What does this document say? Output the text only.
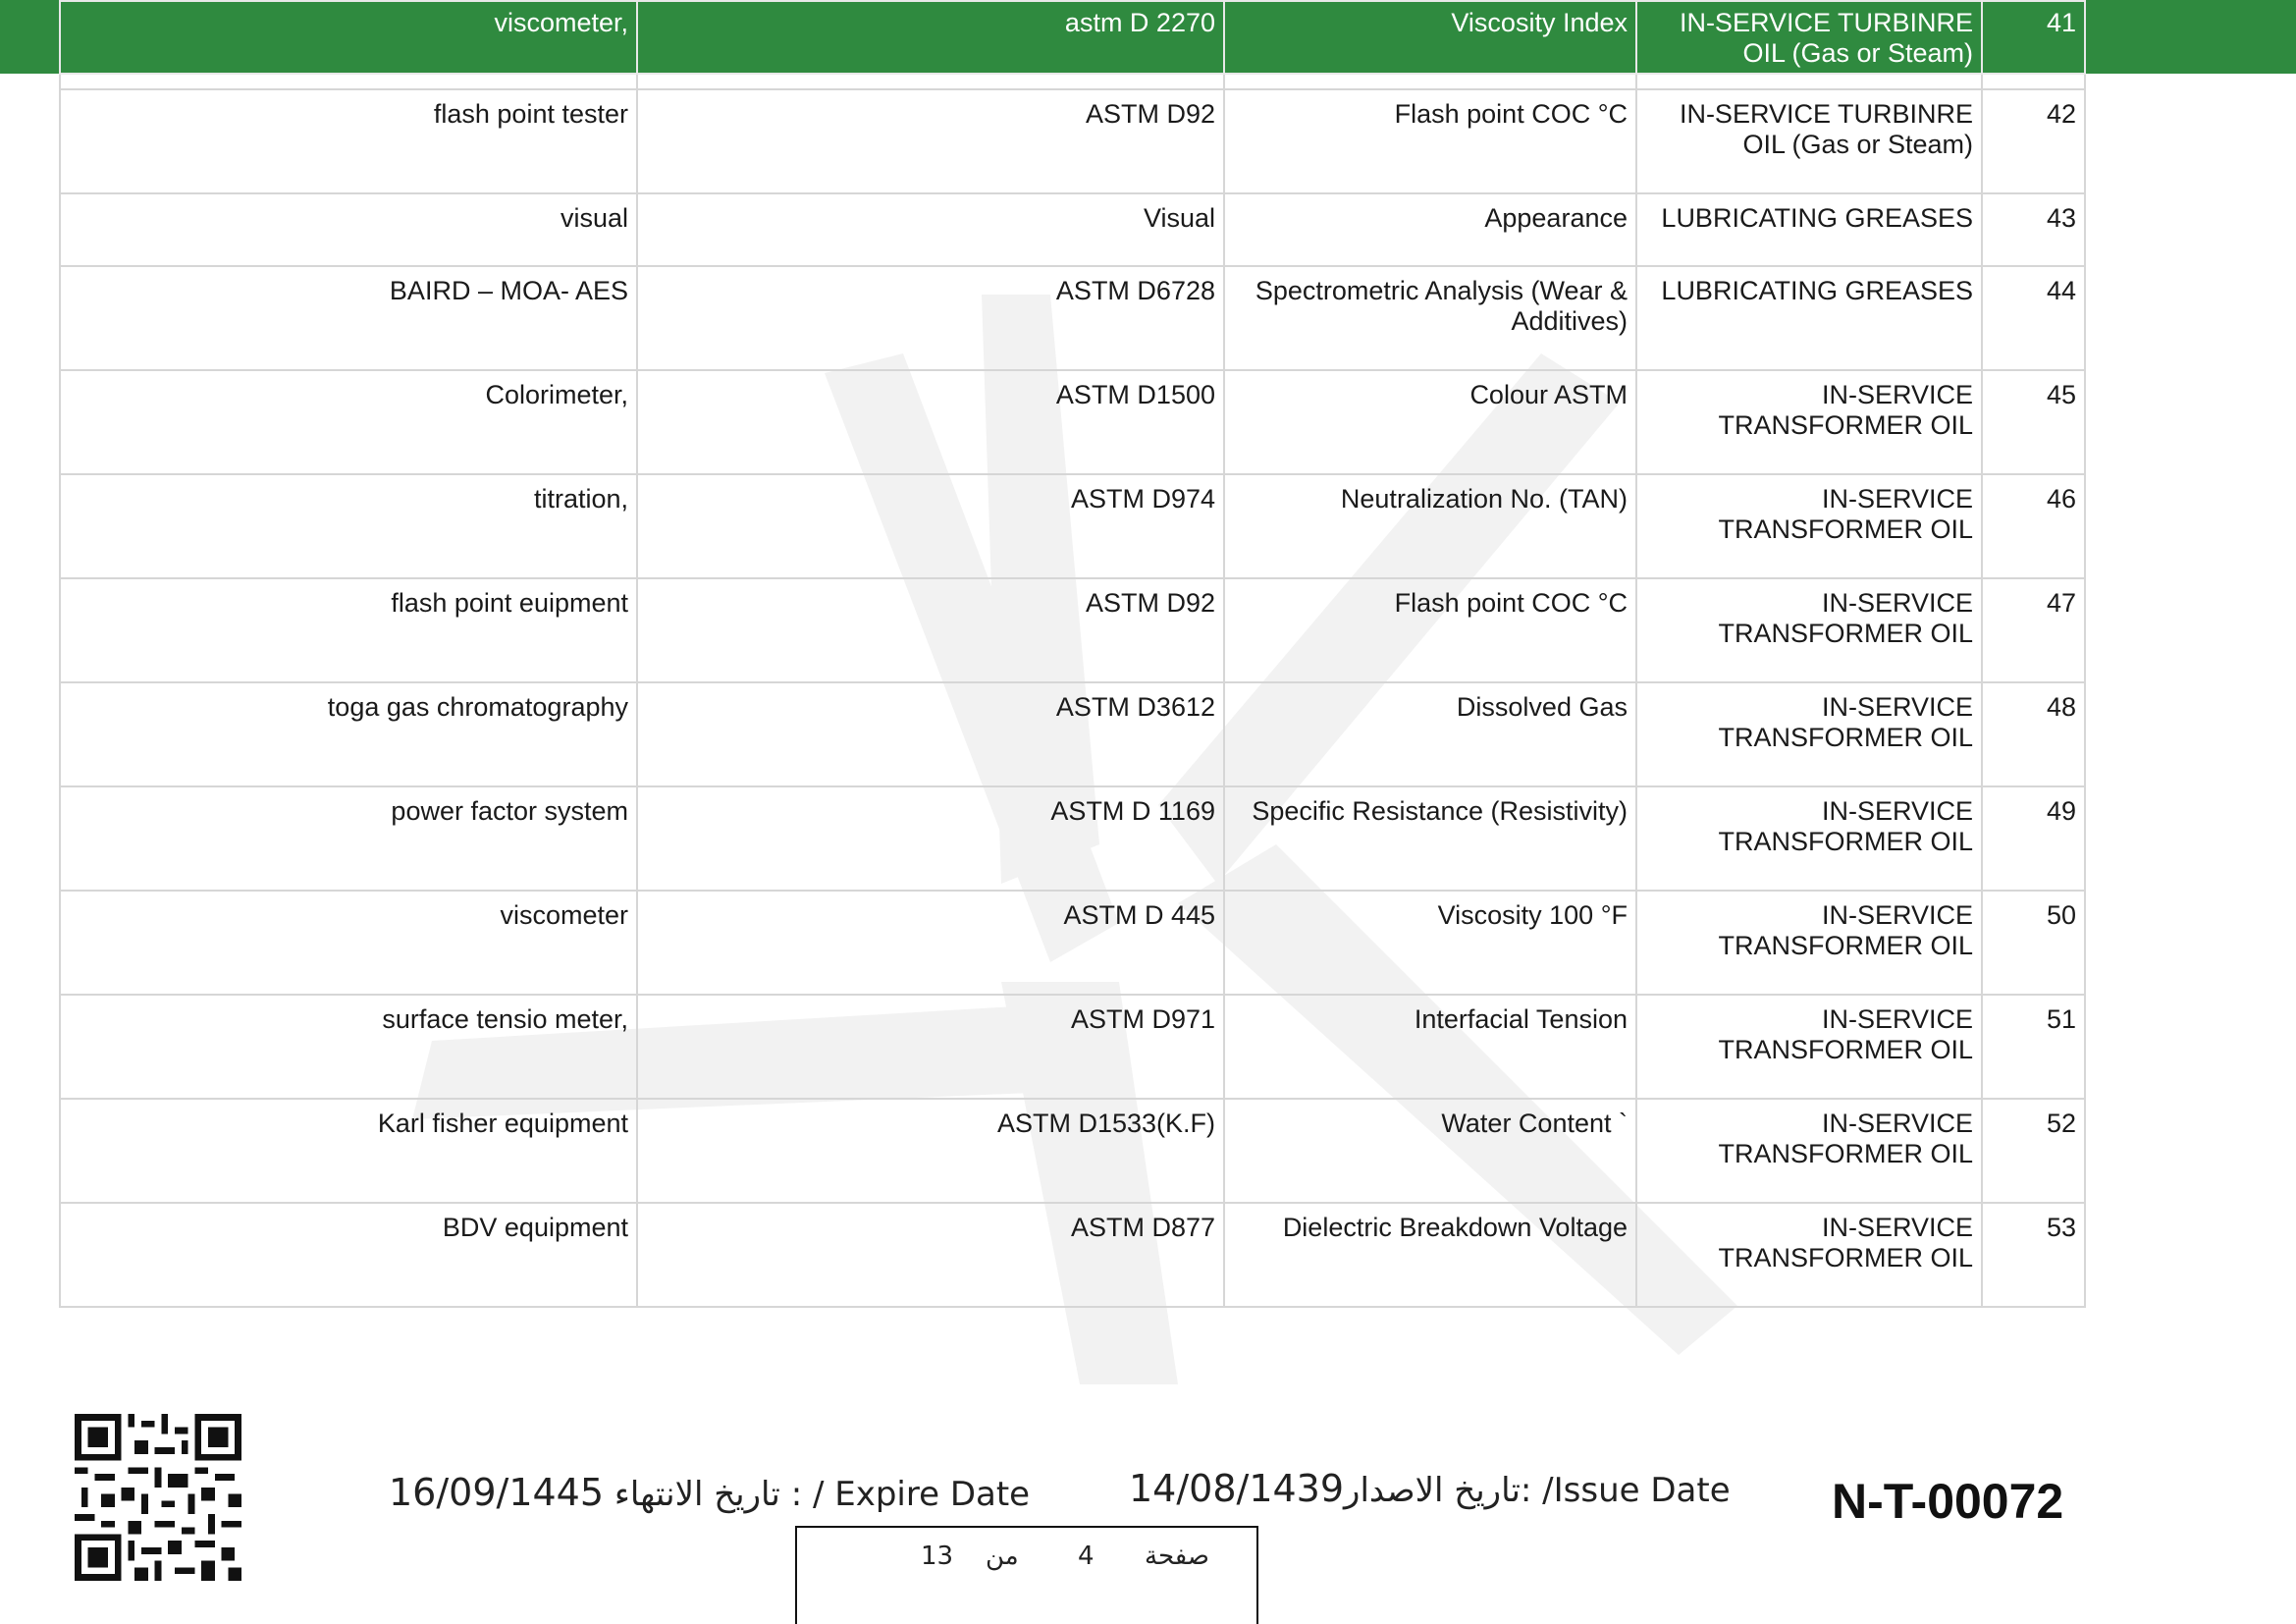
viscometer,	astm D 2270	Viscosity Index	IN-SERVICE TURBINRE OIL (Gas or Steam)	41

flash point tester	ASTM D92	Flash point COC °C	IN-SERVICE TURBINRE OIL (Gas or Steam)	42
visual	Visual	Appearance	LUBRICATING GREASES	43
BAIRD – MOA- AES	ASTM D6728	Spectrometric Analysis (Wear & Additives)	LUBRICATING GREASES	44
Colorimeter,	ASTM D1500	Colour ASTM	IN-SERVICE TRANSFORMER OIL	45
titration,	ASTM D974	Neutralization No. (TAN)	IN-SERVICE TRANSFORMER OIL	46
flash point euipment	ASTM D92	Flash point COC °C	IN-SERVICE TRANSFORMER OIL	47
toga gas chromatography	ASTM D3612	Dissolved Gas	IN-SERVICE TRANSFORMER OIL	48
power factor system	ASTM D 1169	Specific Resistance (Resistivity)	IN-SERVICE TRANSFORMER OIL	49
viscometer	ASTM D 445	Viscosity 100 °F	IN-SERVICE TRANSFORMER OIL	50
surface tensio meter,	ASTM D971	Interfacial Tension	IN-SERVICE TRANSFORMER OIL	51
Karl fisher equipment	ASTM D1533(K.F)	Water Content `	IN-SERVICE TRANSFORMER OIL	52
BDV equipment	ASTM D877	Dielectric Breakdown Voltage	IN-SERVICE TRANSFORMER OIL	53
16/09/1445 تاريخ الانتهاء : / Expire Date	14/08/1439تاريخ الاصدار: /Issue Date N-T-00072
13 من 4 صفحة
